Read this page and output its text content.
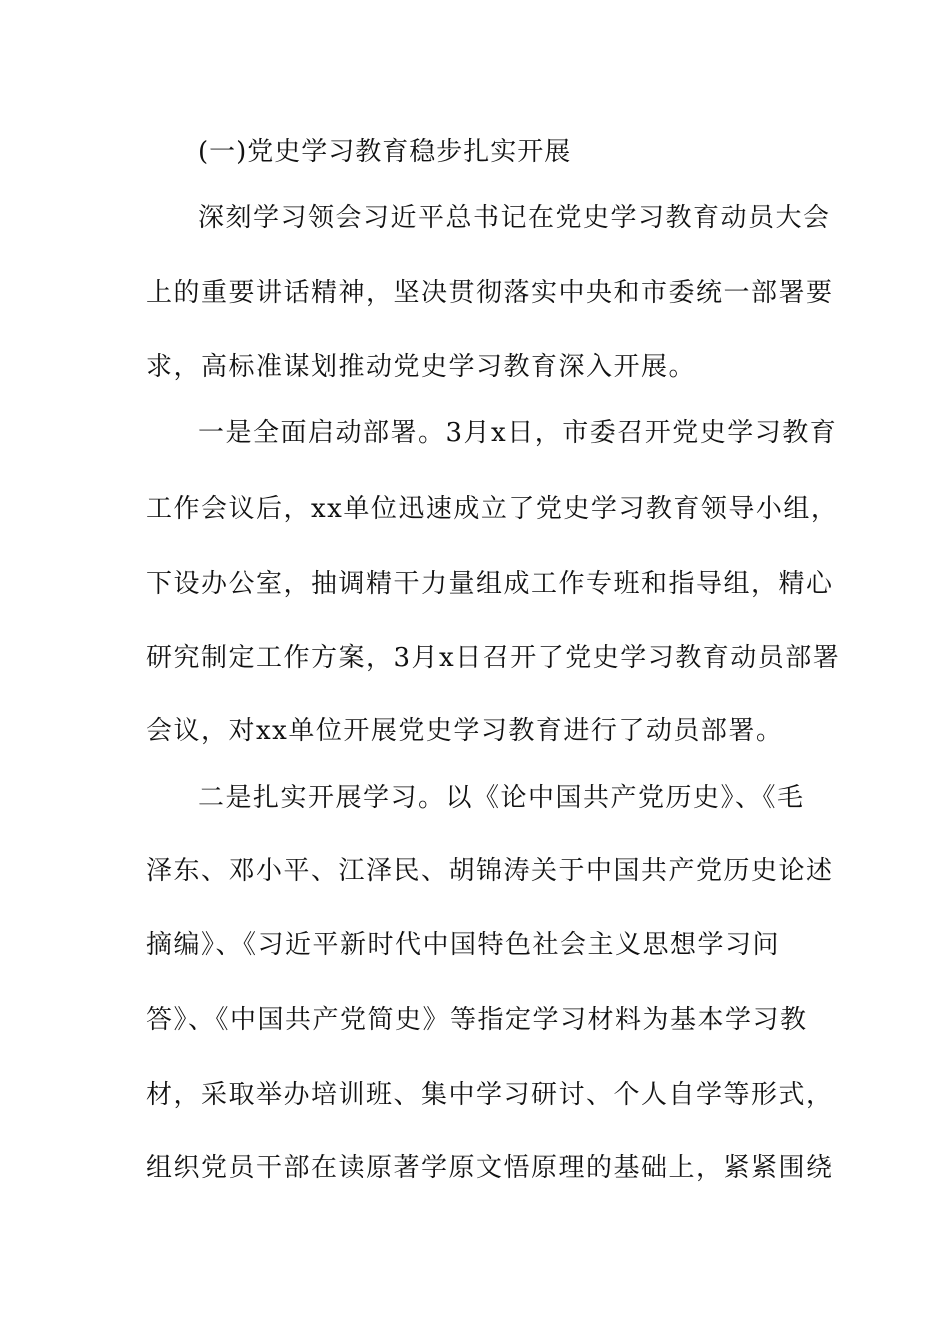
(一)党史学习教育稳步扎实开展
深刻学习领会习近平总书记在党史学习教育动员大会
上的重要讲话精神，坚决贯彻落实中央和市委统一部署要
求，高标准谋划推动党史学习教育深入开展。
一是全面启动部署。3月x日，市委召开党史学习教育
工作会议后，xx单位迅速成立了党史学习教育领导小组，
下设办公室，抽调精干力量组成工作专班和指导组，精心
研究制定工作方案，3月x日召开了党史学习教育动员部署
会议，对xx单位开展党史学习教育进行了动员部署。
二是扎实开展学习。以《论中国共产党历史》、《毛
泽东、邓小平、江泽民、胡锦涛关于中国共产党历史论述
摘编》、《习近平新时代中国特色社会主义思想学习问
答》、《中国共产党简史》等指定学习材料为基本学习教
材，采取举办培训班、集中学习研讨、个人自学等形式，
组织党员干部在读原著学原文悟原理的基础上，紧紧围绕
